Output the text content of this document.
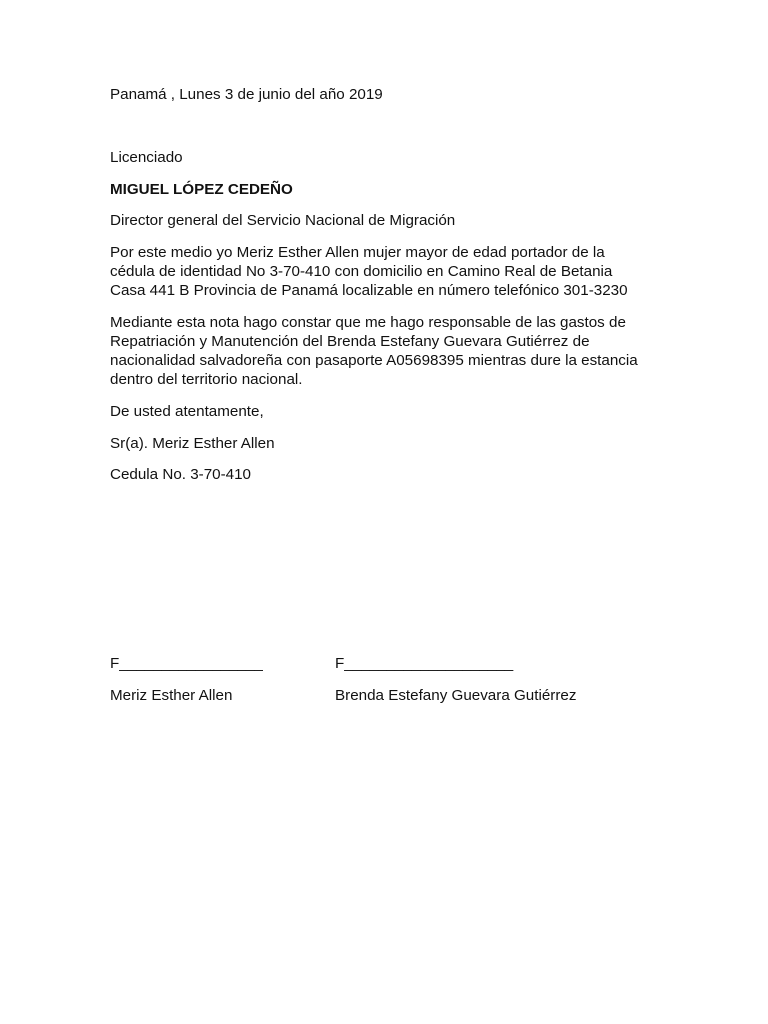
Panamá , Lunes 3 de junio del año 2019
Licenciado
MIGUEL LÓPEZ CEDEÑO
Director general del Servicio Nacional de Migración
Por este medio yo Meriz Esther Allen mujer mayor de edad portador de la
cédula de identidad No 3-70-410 con domicilio en Camino Real de Betania
Casa 441 B Provincia de Panamá localizable en número telefónico 301-3230
Mediante esta nota hago constar que me hago responsable de las gastos de
Repatriación y Manutención del Brenda Estefany Guevara Gutiérrez de
nacionalidad salvadoreña con pasaporte A05698395 mientras dure la estancia
dentro del territorio nacional.
De usted atentamente,
Sr(a). Meriz Esther Allen
Cedula No. 3-70-410
F_________________	F____________________
Meriz Esther Allen	Brenda Estefany Guevara Gutiérrez
